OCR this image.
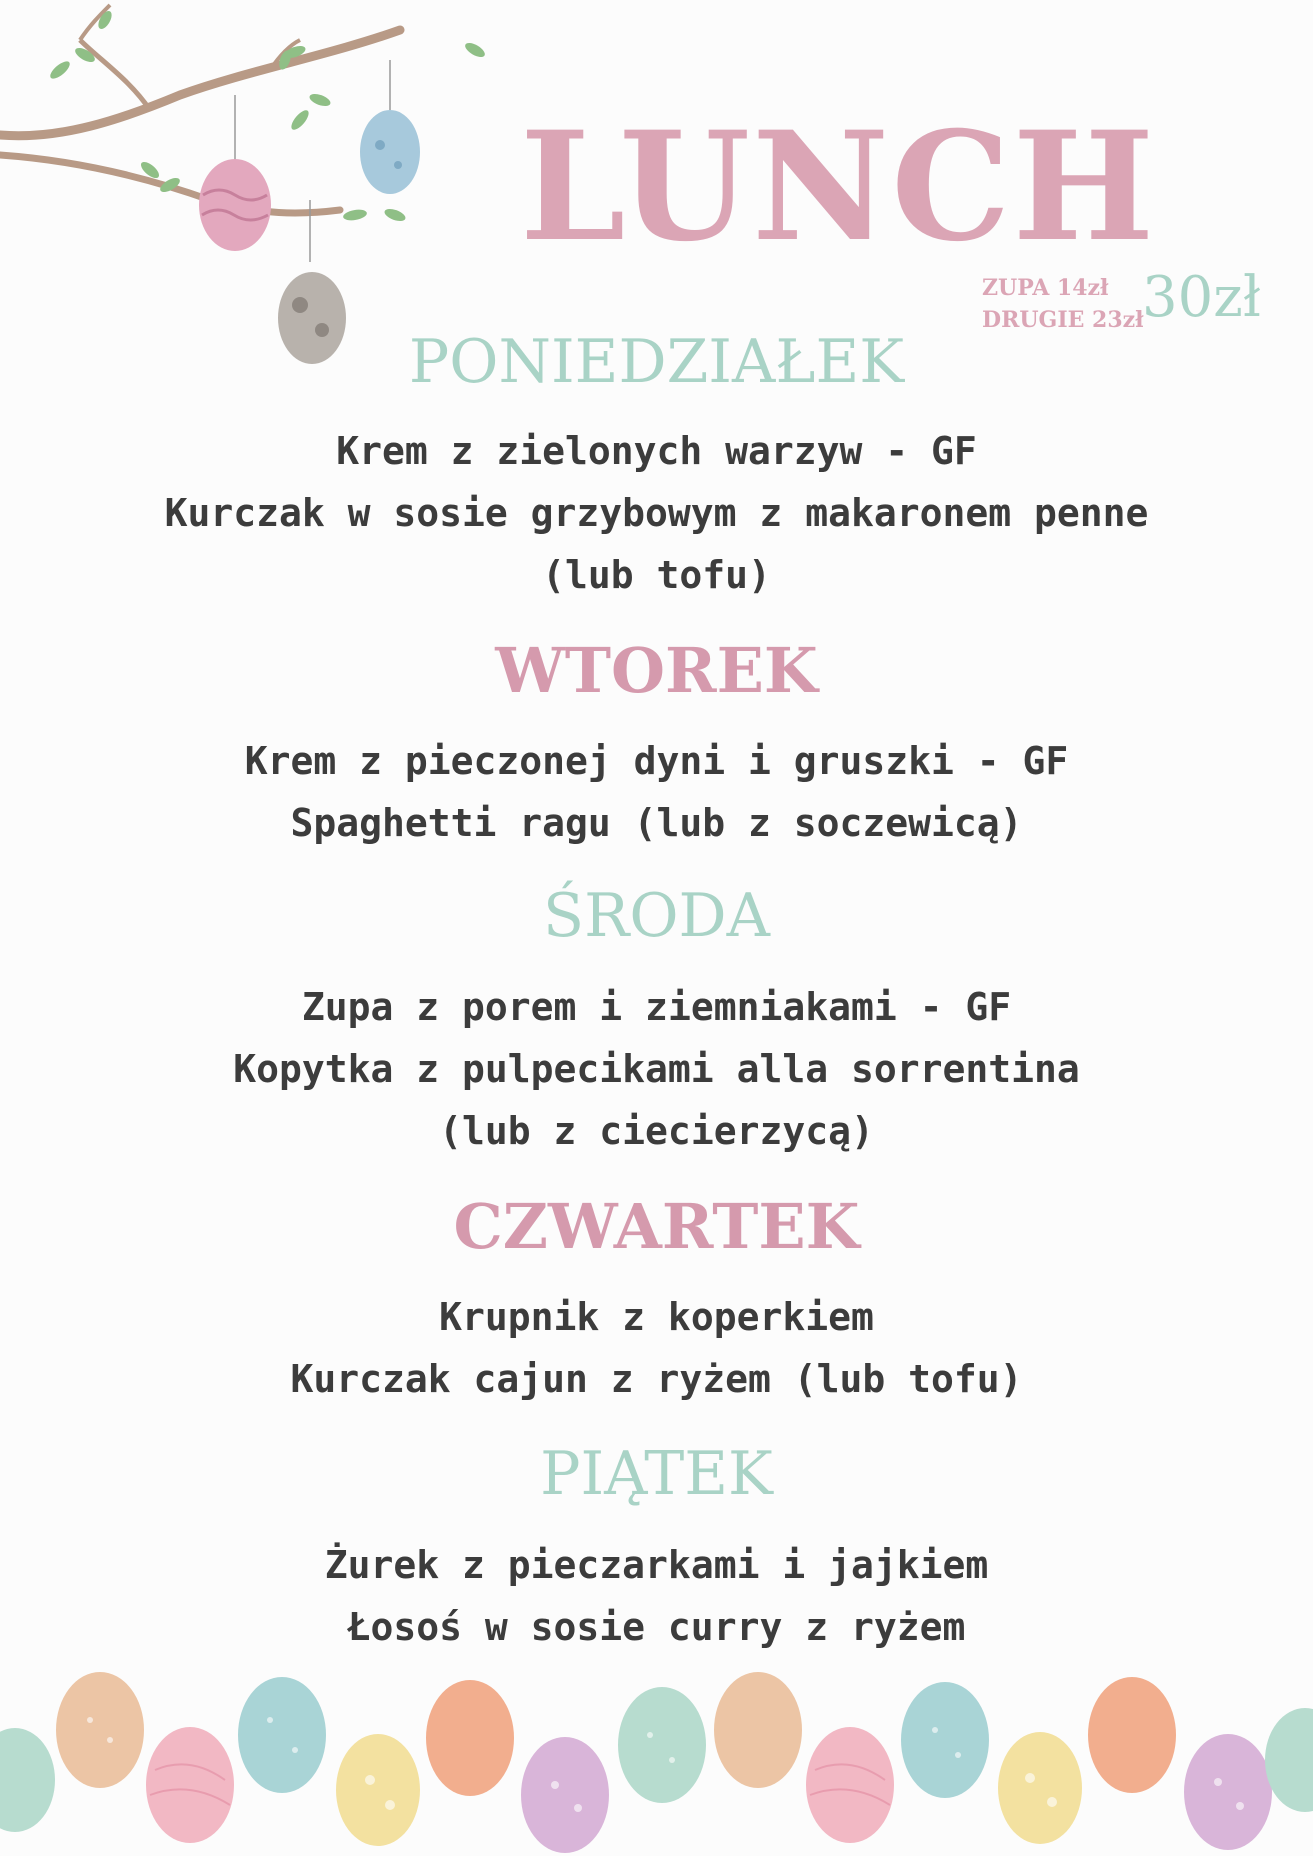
LUNCH
ZUPA 14zł
DRUGIE 23zł
30zł
PONIEDZIAŁEK
Krem z zielonych warzyw - GF
Kurczak w sosie grzybowym z makaronem penne
(lub tofu)
WTOREK
Krem z pieczonej dyni i gruszki - GF
Spaghetti ragu (lub z soczewicą)
ŚRODA
Zupa z porem i ziemniakami - GF
Kopytka z pulpecikami alla sorrentina
(lub z ciecierzycą)
CZWARTEK
Krupnik z koperkiem
Kurczak cajun z ryżem (lub tofu)
PIĄTEK
Żurek z pieczarkami i jajkiem
Łosoś w sosie curry z ryżem
